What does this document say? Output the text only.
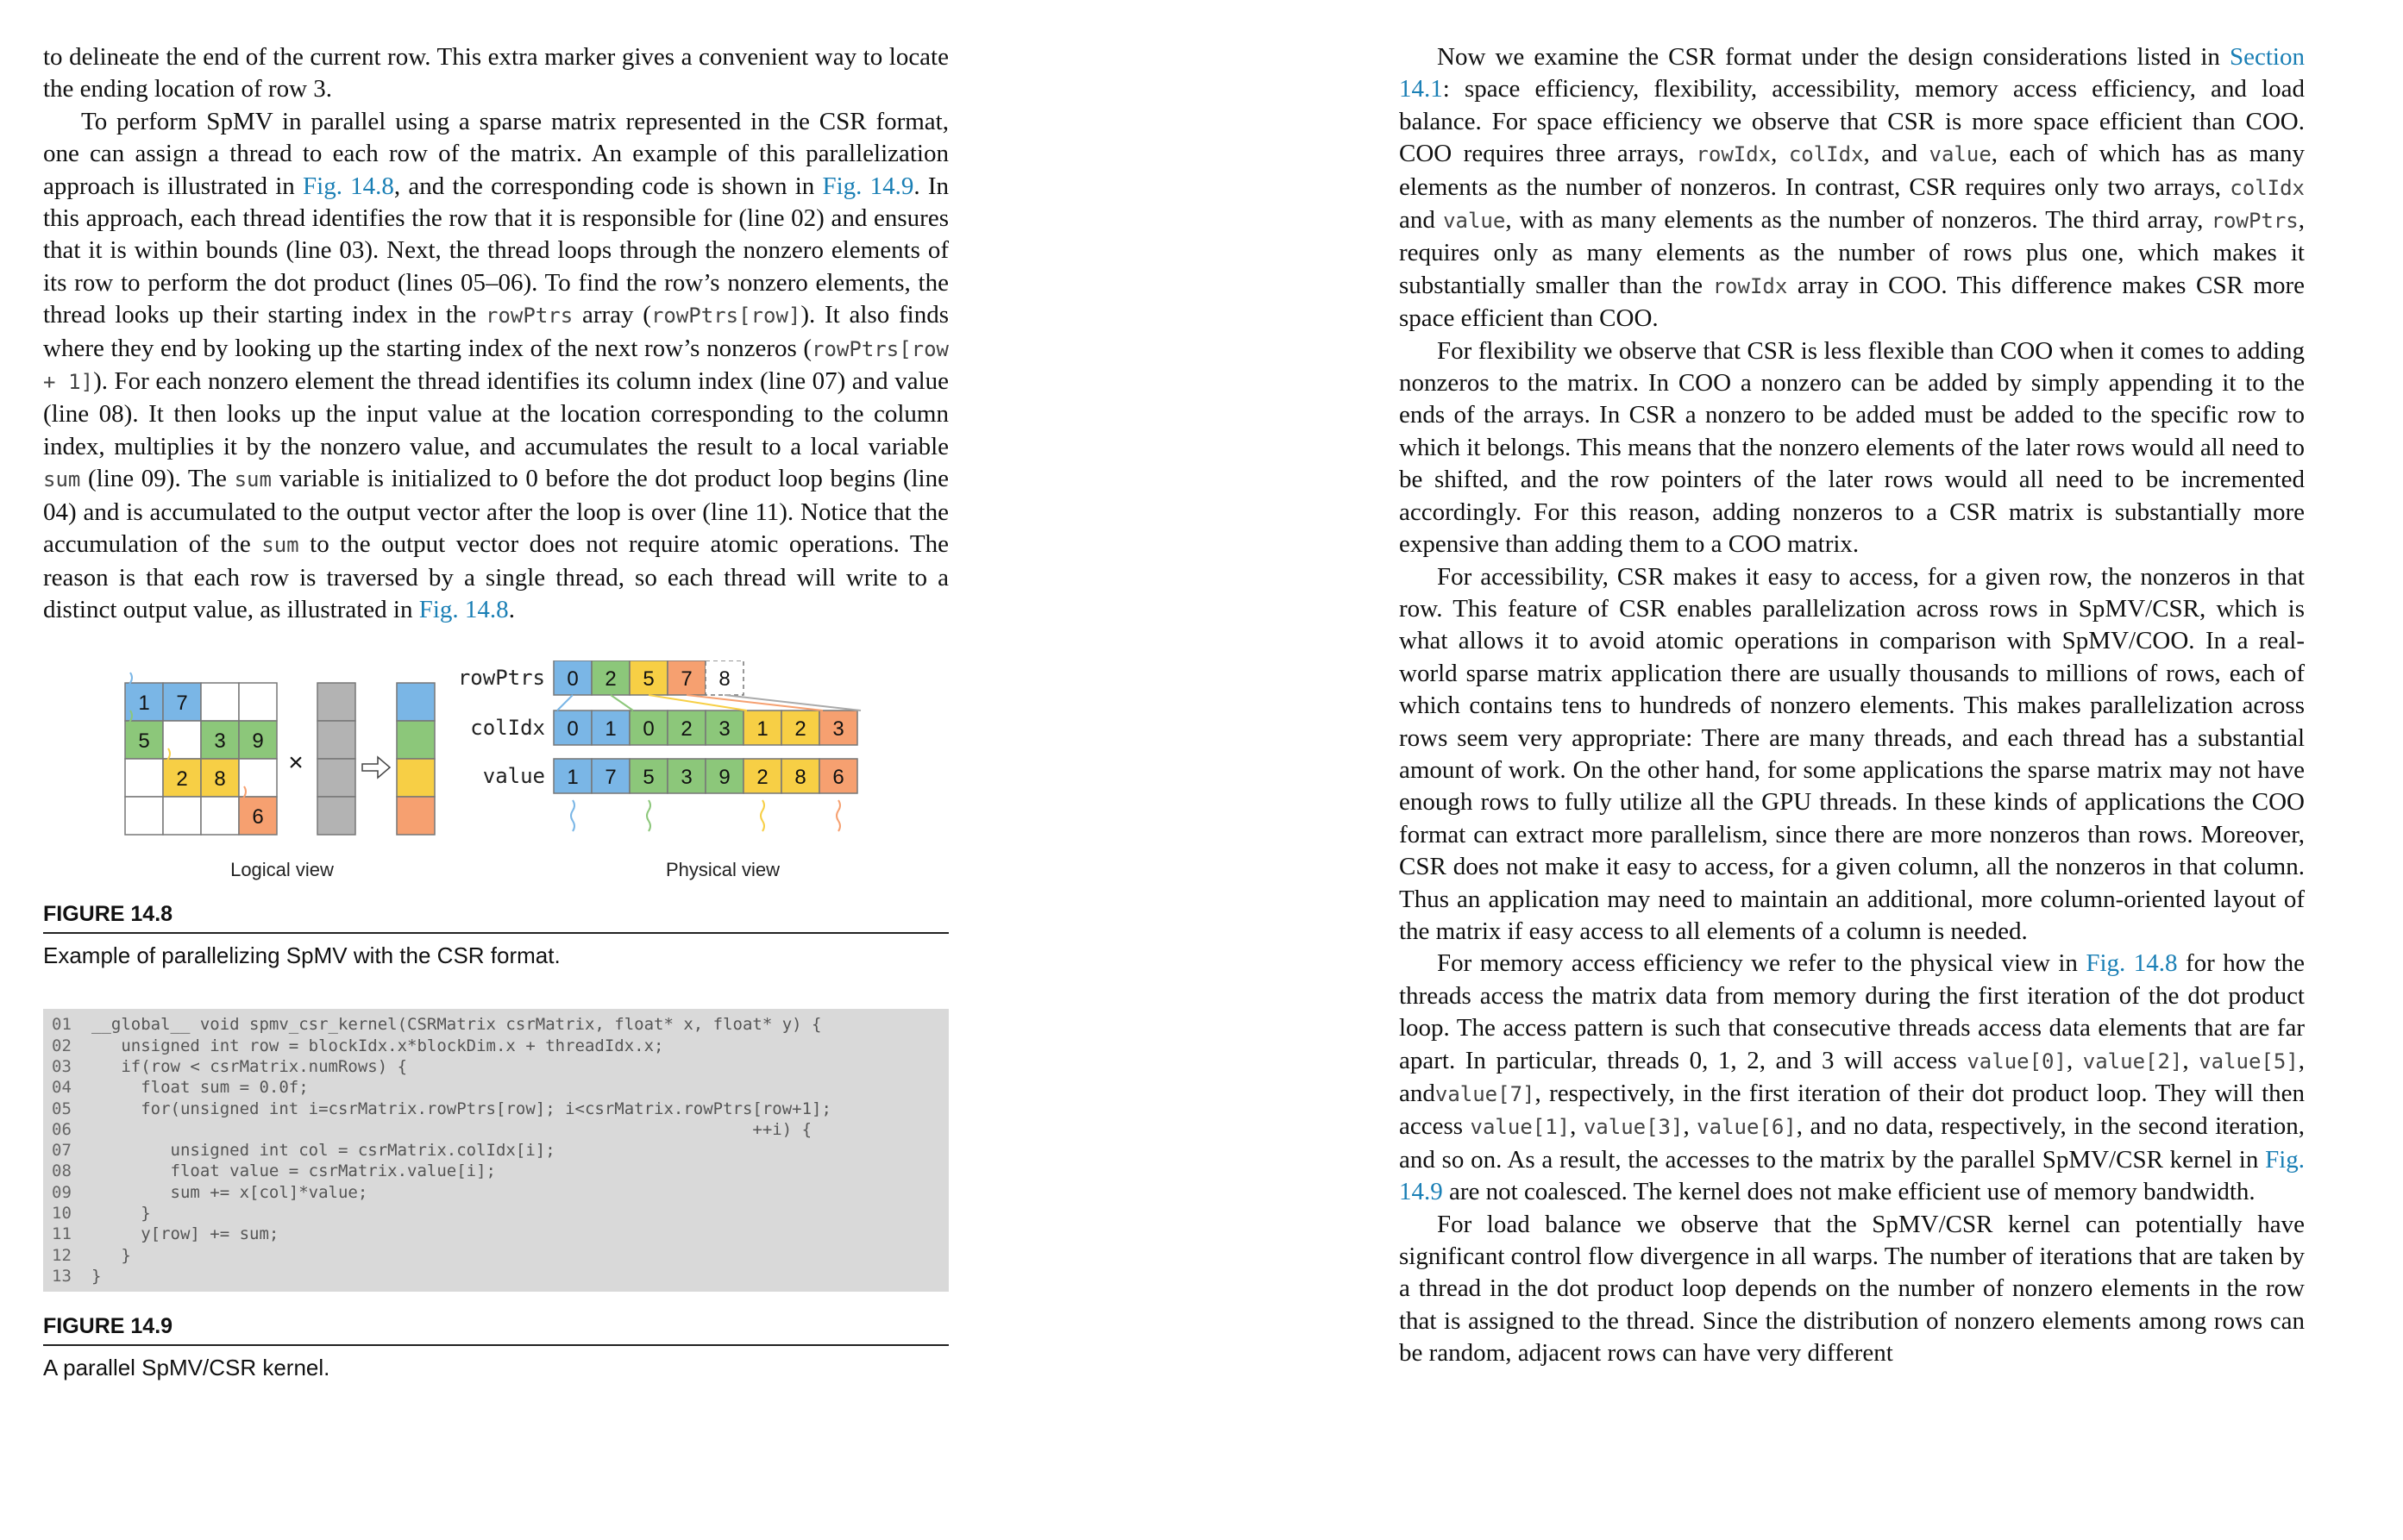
to delineate the end of the current row. This extra marker gives a convenient way to locate the ending location of row 3.

To perform SpMV in parallel using a sparse matrix represented in the CSR format, one can assign a thread to each row of the matrix. An example of this parallelization approach is illustrated in Fig. 14.8, and the corresponding code is shown in Fig. 14.9. In this approach, each thread identifies the row that it is responsible for (line 02) and ensures that it is within bounds (line 03). Next, the thread loops through the nonzero elements of its row to perform the dot product (lines 05–06). To find the row’s nonzero elements, the thread looks up their starting index in the rowPtrs array (rowPtrs[row]). It also finds where they end by looking up the starting index of the next row’s nonzeros (rowPtrs[row + 1]). For each nonzero element the thread identifies its column index (line 07) and value (line 08). It then looks up the input value at the location corresponding to the column index, multiplies it by the nonzero value, and accumulates the result to a local variable sum (line 09). The sum variable is initialized to 0 before the dot product loop begins (line 04) and is accumulated to the output vector after the loop is over (line 11). Notice that the accumulation of the sum to the output vector does not require atomic operations. The reason is that each row is traversed by a single thread, so each thread will write to a distinct output value, as illustrated in Fig. 14.8.

1 7
5	3 9
2 8
6
×
Logical view
rowPtrs
colIdx
value
0 2 5 7 8
0 1 0 2 3 1 2 3
1 7 5 3 9 2 8 6
Physical view

FIGURE 14.8

Example of parallelizing SpMV with the CSR format.

01 __global__ void spmv_csr_kernel(CSRMatrix csrMatrix, float* x, float* y) {
02   unsigned int row = blockIdx.x*blockDim.x + threadIdx.x;
03   if(row < csrMatrix.numRows) {
04     float sum = 0.0f;
05     for(unsigned int i=csrMatrix.rowPtrs[row]; i<csrMatrix.rowPtrs[row+1];
06                                                                   ++i) {
07        unsigned int col = csrMatrix.colIdx[i];
08        float value = csrMatrix.value[i];
09        sum += x[col]*value;
10     }
11     y[row] += sum;
12   }
13 }

FIGURE 14.9

A parallel SpMV/CSR kernel.

Now we examine the CSR format under the design considerations listed in Section 14.1: space efficiency, flexibility, accessibility, memory access efficiency, and load balance. For space efficiency we observe that CSR is more space efficient than COO. COO requires three arrays, rowIdx, colIdx, and value, each of which has as many elements as the number of nonzeros. In contrast, CSR requires only two arrays, colIdx and value, with as many elements as the number of nonzeros. The third array, rowPtrs, requires only as many elements as the number of rows plus one, which makes it substantially smaller than the rowIdx array in COO. This difference makes CSR more space efficient than COO.

For flexibility we observe that CSR is less flexible than COO when it comes to adding nonzeros to the matrix. In COO a nonzero can be added by simply appending it to the ends of the arrays. In CSR a nonzero to be added must be added to the specific row to which it belongs. This means that the nonzero elements of the later rows would all need to be shifted, and the row pointers of the later rows would all need to be incremented accordingly. For this reason, adding nonzeros to a CSR matrix is substantially more expensive than adding them to a COO matrix.

For accessibility, CSR makes it easy to access, for a given row, the nonzeros in that row. This feature of CSR enables parallelization across rows in SpMV/CSR, which is what allows it to avoid atomic operations in comparison with SpMV/COO. In a real-world sparse matrix application there are usually thousands to millions of rows, each of which contains tens to hundreds of nonzero elements. This makes parallelization across rows seem very appropriate: There are many threads, and each thread has a substantial amount of work. On the other hand, for some applications the sparse matrix may not have enough rows to fully utilize all the GPU threads. In these kinds of applications the COO format can extract more parallelism, since there are more nonzeros than rows. Moreover, CSR does not make it easy to access, for a given column, all the nonzeros in that column. Thus an application may need to maintain an additional, more column-oriented layout of the matrix if easy access to all elements of a column is needed.

For memory access efficiency we refer to the physical view in Fig. 14.8 for how the threads access the matrix data from memory during the first iteration of the dot product loop. The access pattern is such that consecutive threads access data elements that are far apart. In particular, threads 0, 1, 2, and 3 will access value[0], value[2], value[5], andvalue[7], respectively, in the first iteration of their dot product loop. They will then access value[1], value[3], value[6], and no data, respectively, in the second iteration, and so on. As a result, the accesses to the matrix by the parallel SpMV/CSR kernel in Fig. 14.9 are not coalesced. The kernel does not make efficient use of memory bandwidth.

For load balance we observe that the SpMV/CSR kernel can potentially have significant control flow divergence in all warps. The number of iterations that are taken by a thread in the dot product loop depends on the number of nonzero elements in the row that is assigned to the thread. Since the distribution of nonzero elements among rows can be random, adjacent rows can have very different
